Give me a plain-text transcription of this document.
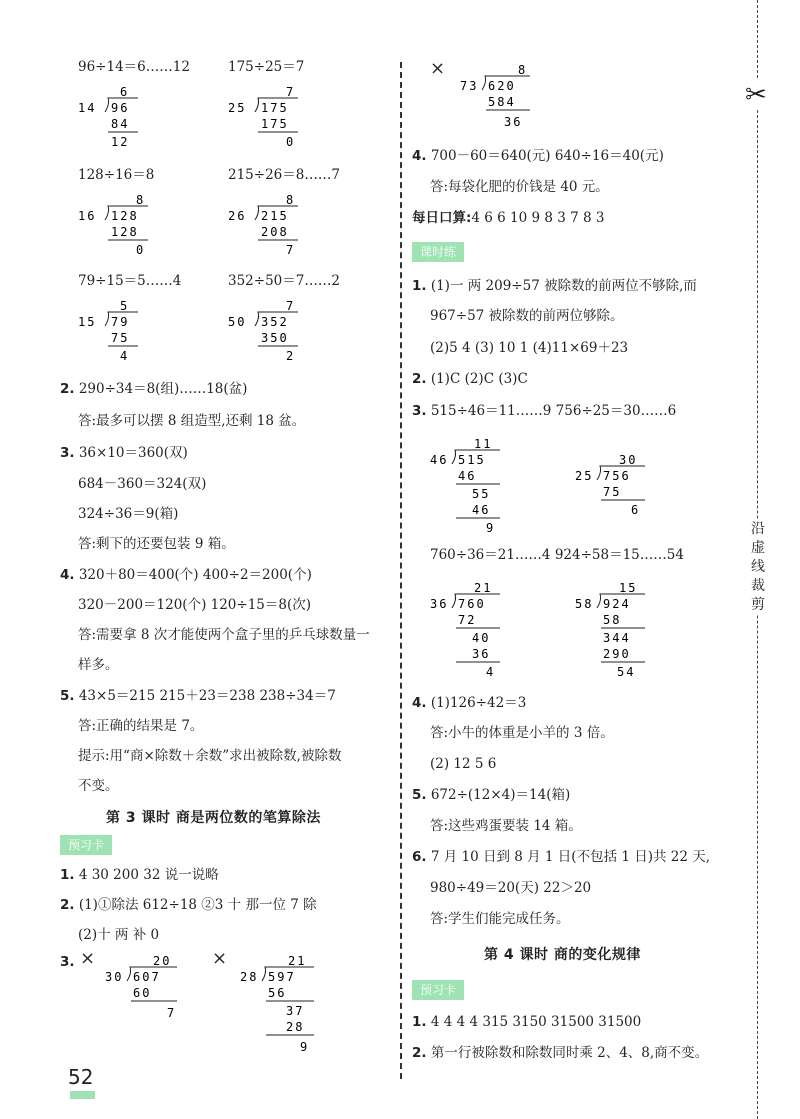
✂
沿
虚
线
裁
剪
96÷14＝6……12	175÷25＝7
6
14 96
84
12
7
25 175
175
0
128÷16＝8	215÷26＝8……7
8
16 128
128
0
8
26 215
208
7
79÷15＝5……4	352÷50＝7……2
5
15 79
75
4
7
50 352
350
2
2. 290÷34＝8(组)……18(盆)
答:最多可以摆 8 组造型,还剩 18 盆。
3. 36×10＝360(双)
684－360＝324(双)
324÷36＝9(箱)
答:剩下的还要包装 9 箱。
4. 320＋80＝400(个) 400÷2＝200(个)
320－200＝120(个) 120÷15＝8(次)
答:需要拿 8 次才能使两个盒子里的乒乓球数量一
样多。
5. 43×5＝215 215＋23＝238 238÷34＝7
答:正确的结果是 7。
提示:用“商×除数＋余数”求出被除数,被除数
不变。
第 3 课时 商是两位数的笔算除法
预习卡
1. 4 30 200 32 说一说略
2. (1)①除法 612÷18 ②3 十 那一位 7 除
(2)十 两 补 0
3. ×	×
20
30 607
60
7
21
28 597
56
37
28
9
52
×	8
73 620
584
36
4. 700－60＝640(元) 640÷16＝40(元)
答:每袋化肥的价钱是 40 元。
每日口算:4 6 6 10 9 8 3 7 8 3
课时练
1. (1)一 两 209÷57 被除数的前两位不够除,而
967÷57 被除数的前两位够除。
(2)5 4 (3) 10 1 (4)11×69＋23
2. (1)C (2)C (3)C
3. 515÷46＝11……9 756÷25＝30……6
11
46 515
46
55
46
9
30
25 756
75
6
760÷36＝21……4 924÷58＝15……54
21
36 760
72
40
36
4
15
58 924
58
344
290
54
4. (1)126÷42＝3
答:小牛的体重是小羊的 3 倍。
(2) 12 5 6
5. 672÷(12×4)＝14(箱)
答:这些鸡蛋要装 14 箱。
6. 7 月 10 日到 8 月 1 日(不包括 1 日)共 22 天,
980÷49＝20(天) 22＞20
答:学生们能完成任务。
第 4 课时 商的变化规律
预习卡
1. 4 4 4 4 315 3150 31500 31500
2. 第一行被除数和除数同时乘 2、4、8,商不变。
